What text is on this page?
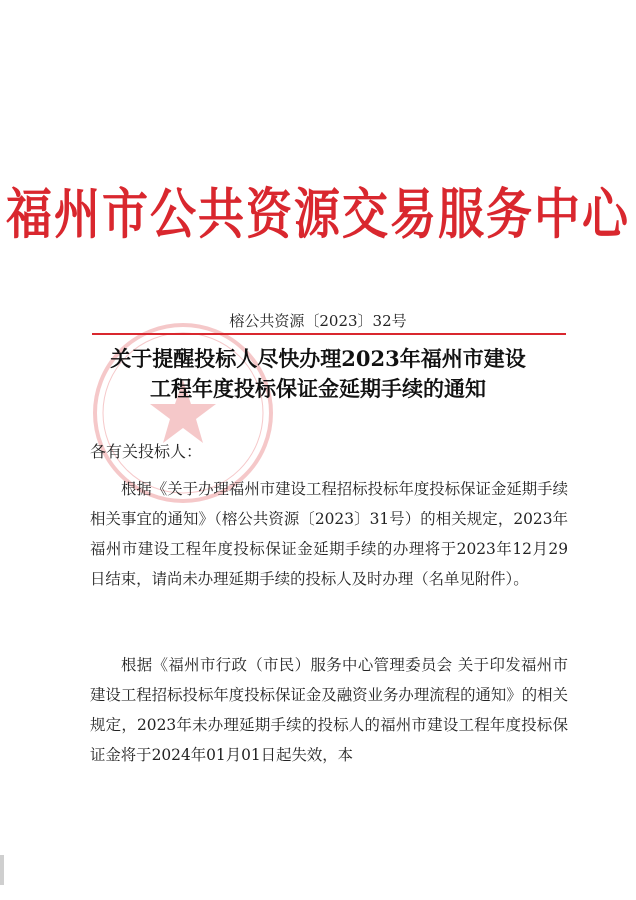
福州市公共资源交易服务中心
榕公共资源〔2023〕32号
关于提醒投标人尽快办理2023年福州市建设
工程年度投标保证金延期手续的通知
各有关投标人：
根据《关于办理福州市建设工程招标投标年度投标保证金延期手续相关事宜的通知》（榕公共资源〔2023〕31号）的相关规定，2023年福州市建设工程年度投标保证金延期手续的办理将于2023年12月29日结束，请尚未办理延期手续的投标人及时办理（名单见附件）。
根据《福州市行政（市民）服务中心管理委员会 关于印发福州市建设工程招标投标年度投标保证金及融资业务办理流程的通知》的相关规定，2023年未办理延期手续的投标人的福州市建设工程年度投标保证金将于2024年01月01日起失效，本
